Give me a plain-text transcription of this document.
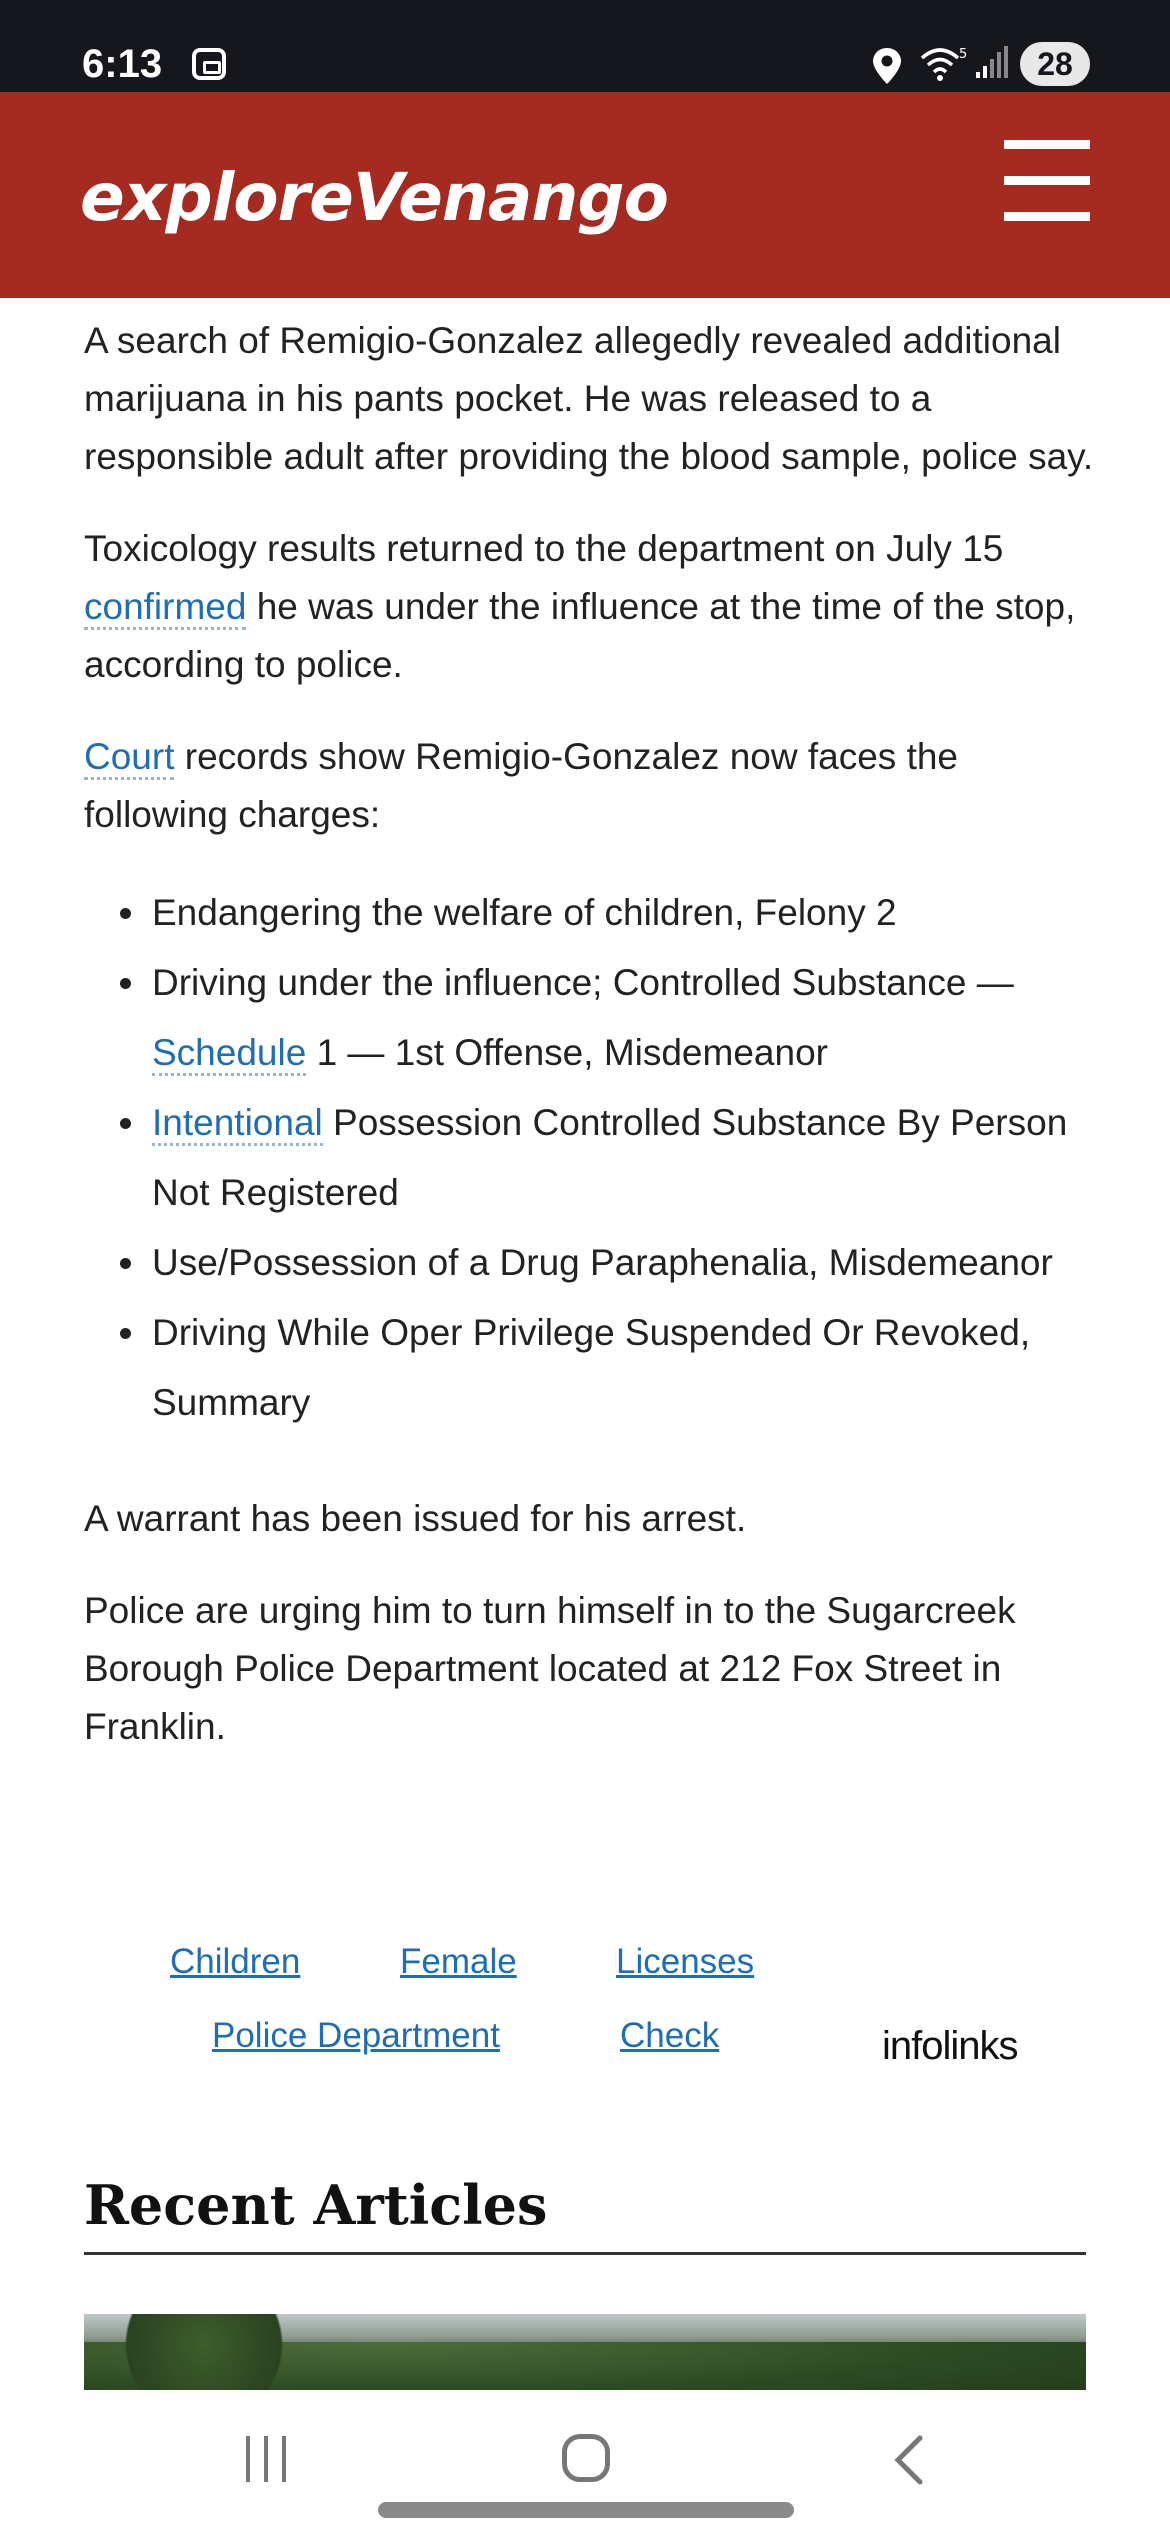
6:13	5	28
exploreVenango

A search of Remigio-Gonzalez allegedly revealed additional marijuana in his pants pocket. He was released to a responsible adult after providing the blood sample, police say.

Toxicology results returned to the department on July 15 confirmed he was under the influence at the time of the stop, according to police.

Court records show Remigio-Gonzalez now faces the following charges:

Endangering the welfare of children, Felony 2
Driving under the influence; Controlled Substance — Schedule 1 — 1st Offense, Misdemeanor
Intentional Possession Controlled Substance By Person Not Registered
Use/Possession of a Drug Paraphenalia, Misdemeanor
Driving While Oper Privilege Suspended Or Revoked, Summary

A warrant has been issued for his arrest.

Police are urging him to turn himself in to the Sugarcreek Borough Police Department located at 212 Fox Street in Franklin.

Children	Female	Licenses
Police Department	Check	infolinks
Recent Articles
